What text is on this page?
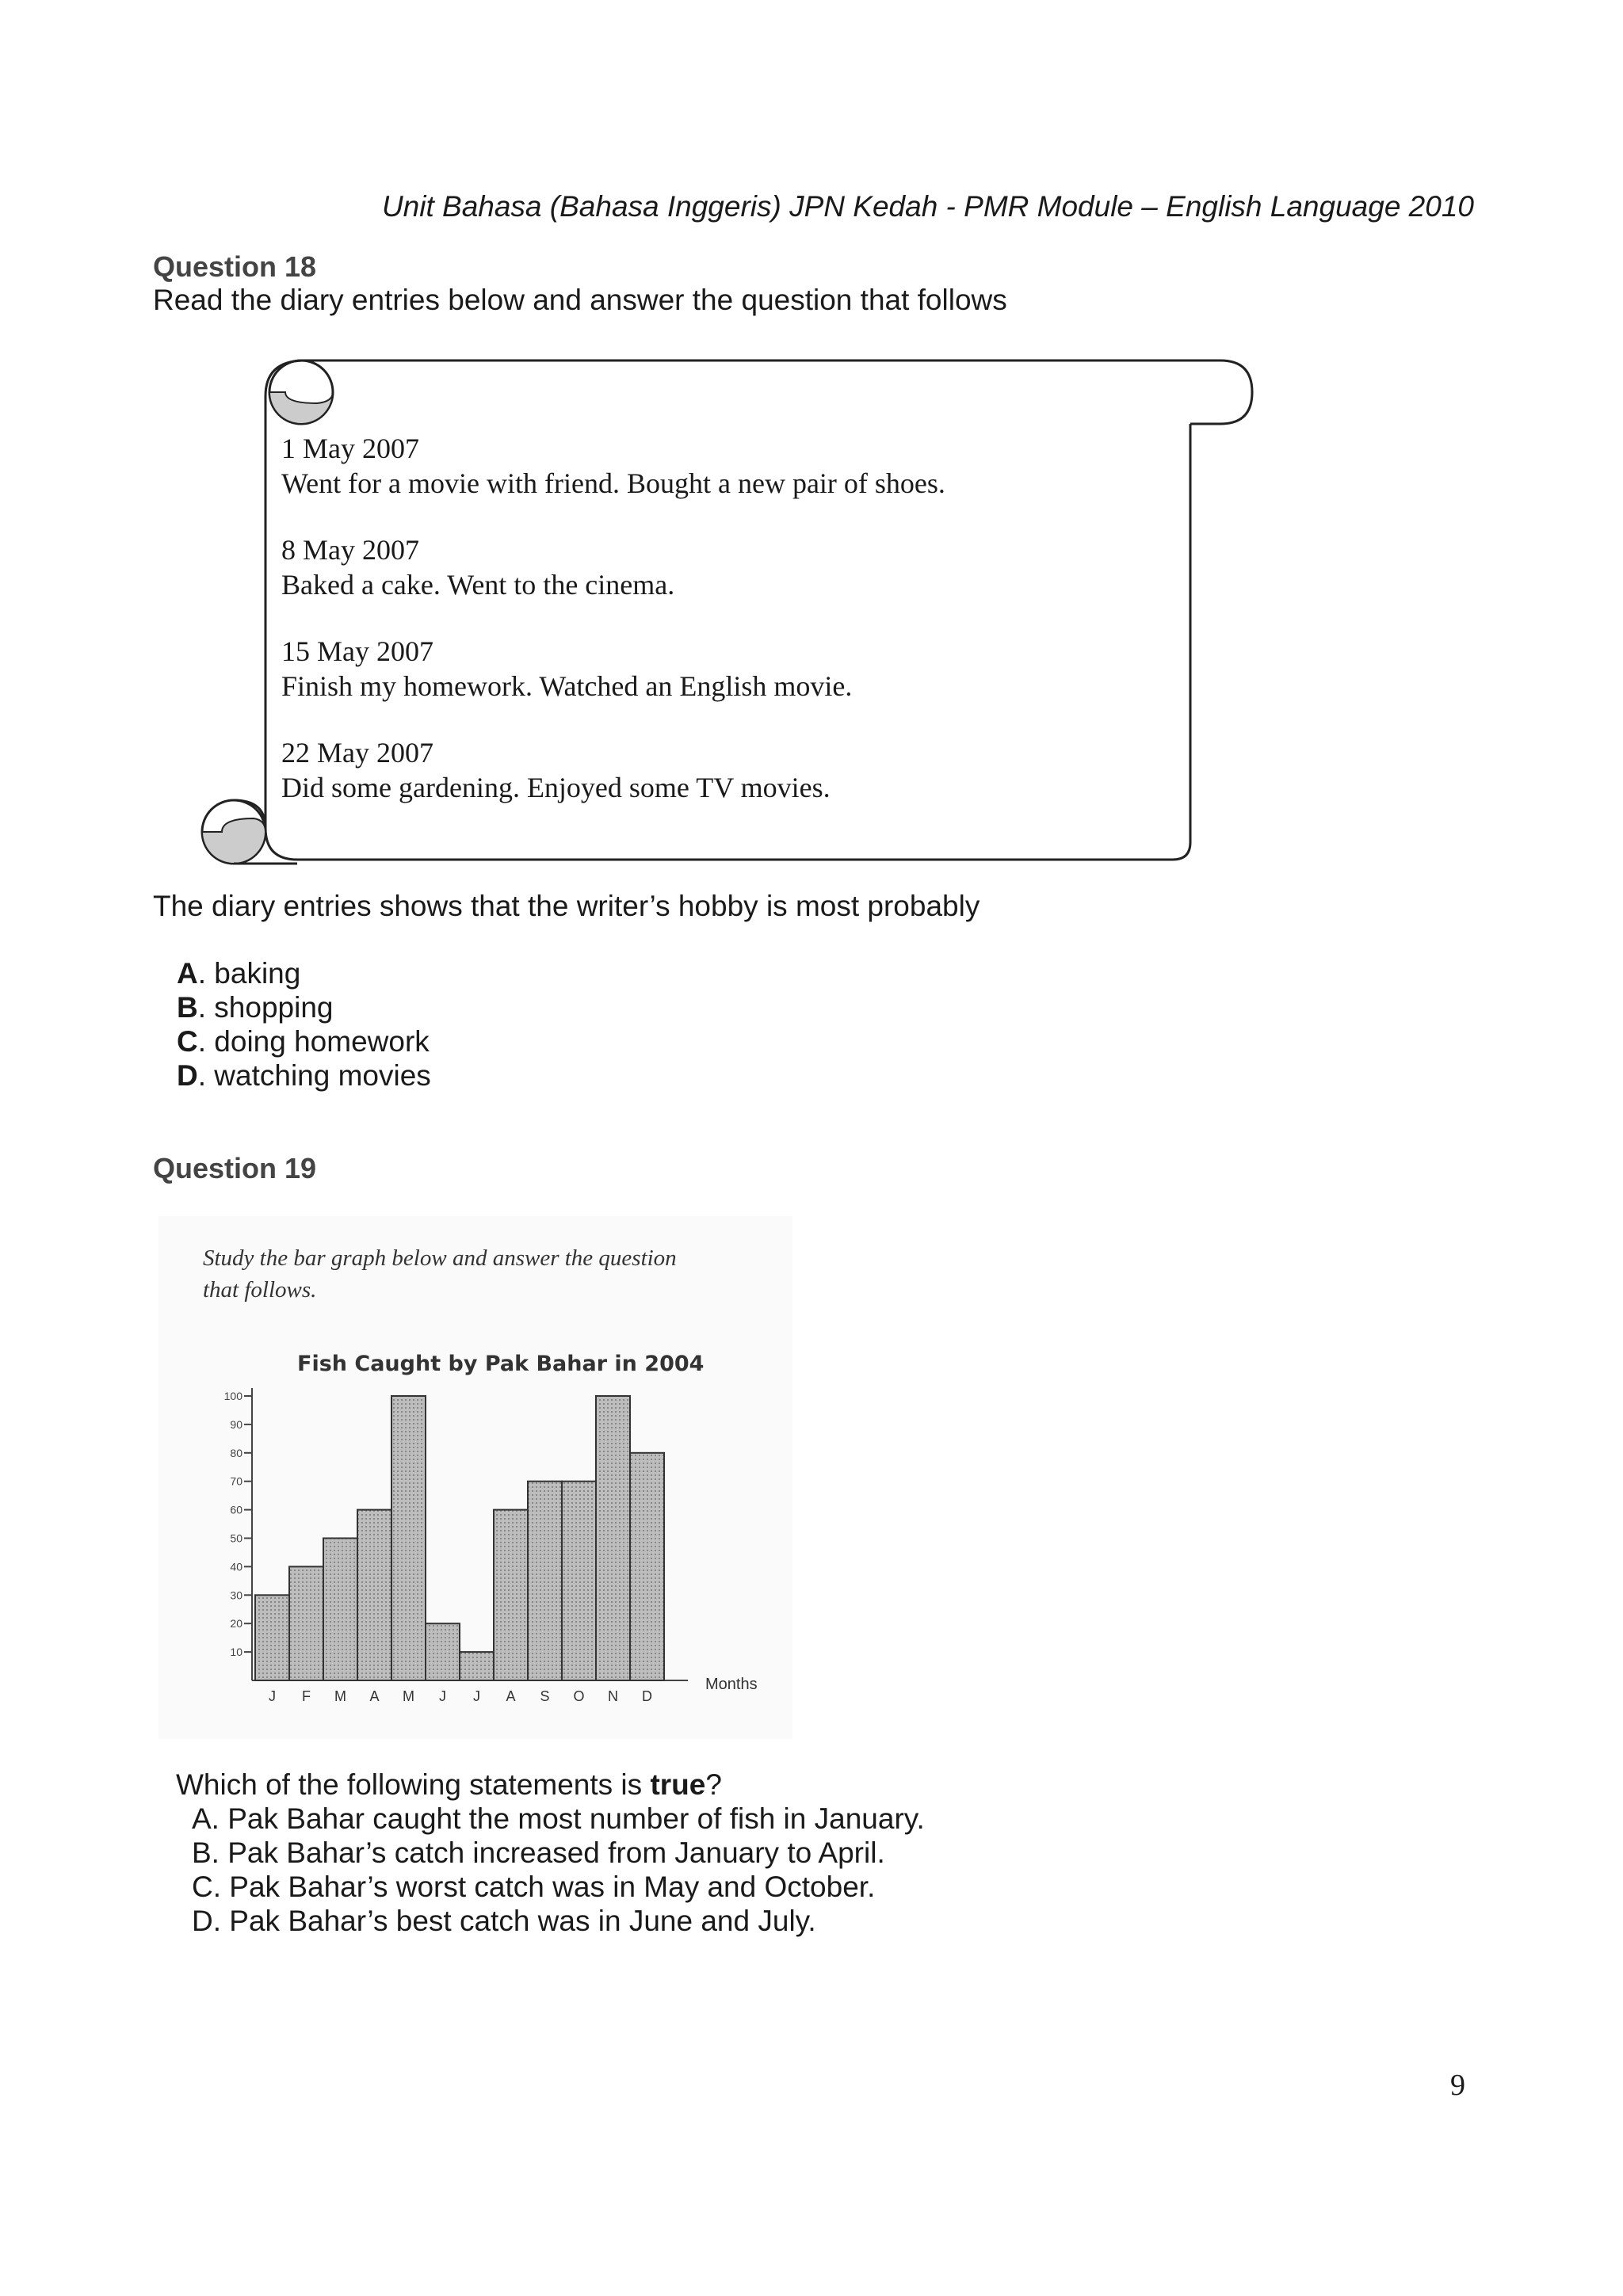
Unit Bahasa (Bahasa Inggeris) JPN Kedah - PMR Module – English Language 2010
Question 18
Read the diary entries below and answer the question that follows
1 May 2007
Went for a movie with friend. Bought a new pair of shoes.
8 May 2007
Baked a cake. Went to the cinema.
15 May 2007
Finish my homework. Watched an English movie.
22 May 2007
Did some gardening. Enjoyed some TV movies.
The diary entries shows that the writer’s hobby is most probably
A. baking
B. shopping
C. doing homework
D. watching movies
Question 19
Study the bar graph below and answer the question
that follows.
Fish Caught by Pak Bahar in 2004
Months
100
90
80
70
60
50
40
30
20
10
J F M A M J J A S O N D
Which of the following statements is true?
A. Pak Bahar caught the most number of fish in January.
B. Pak Bahar’s catch increased from January to April.
C. Pak Bahar’s worst catch was in May and October.
D. Pak Bahar’s best catch was in June and July.
9
